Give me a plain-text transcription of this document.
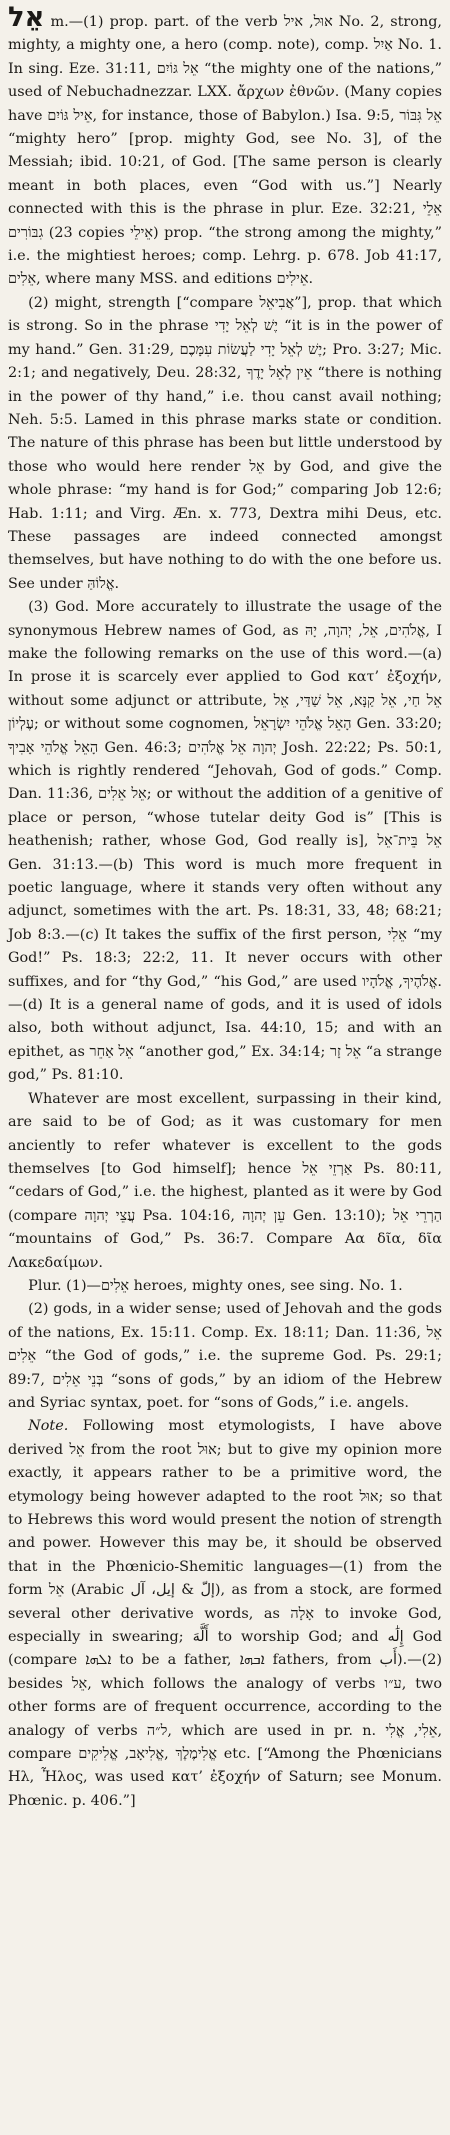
אֵל m.—(1) prop. part. of the verb אוּל, איל No. 2, strong, mighty, a mighty one, a hero (comp. note), comp. אַיִל No. 1. In sing. Eze. 31:11, אֵל גּוֹיִם “the mighty one of the nations,” used of Nebuchadnezzar. LXX. ἄρχων ἐθνῶν. (Many copies have אֵיל גּוֹיִם, for instance, those of Babylon.) Isa. 9:5, אֵל גִּבּוֹר “mighty hero” [prop. mighty God, see No. 3], of the Messiah; ibid. 10:21, of God. [The same person is clearly meant in both places, even “God with us.”] Nearly connected with this is the phrase in plur. Eze. 32:21, אֵלֵי גִבּוֹרִים (23 copies אֵילֵי) prop. “the strong among the mighty,” i.e. the mightiest heroes; comp. Lehrg. p. 678. Job 41:17, אֵלִים, where many MSS. and editions אֵילִים.

(2) might, strength [“compare אֲבִיאֵל”], prop. that which is strong. So in the phrase יֶשׁ לְאֵל יָדִי “it is in the power of my hand.” Gen. 31:29, יֶשׁ לְאֵל יָדִי לַעֲשׂוֹת עִמָּכֶם; Pro. 3:27; Mic. 2:1; and negatively, Deu. 28:32, אֵין לְאֵל יָדֶךָ “there is nothing in the power of thy hand,” i.e. thou canst avail nothing; Neh. 5:5. Lamed in this phrase marks state or condition. The nature of this phrase has been but little understood by those who would here render אֵל by God, and give the whole phrase: “my hand is for God;” comparing Job 12:6; Hab. 1:11; and Virg. Æn. x. 773, Dextra mihi Deus, etc. These passages are indeed connected amongst themselves, but have nothing to do with the one before us. See under אֱלוֹהַּ.

(3) God. More accurately to illustrate the usage of the synonymous Hebrew names of God, as אֱלֹהִים, אֵל, יְהוָה, יָהּ, I make the following remarks on the use of this word.—(a) In prose it is scarcely ever applied to God κατ’ ἐξοχήν, without some adjunct or attribute, אֵל חַי, אֵל קַנָּא, אֵל שַׁדַּי, אֵל עֶלְיוֹן; or without some cognomen, הָאֵל אֱלֹהֵי יִשְׂרָאֵל Gen. 33:20; הָאֵל אֱלֹהֵי אָבִיךָ Gen. 46:3; יְהוָה אֵל אֱלֹהִים Josh. 22:22; Ps. 50:1, which is rightly rendered “Jehovah, God of gods.” Comp. Dan. 11:36, אֵל אֵלִים; or without the addition of a genitive of place or person, “whose tutelar deity God is” [This is heathenish; rather, whose God, God really is], אֵל בֵּית־אֵל Gen. 31:13.—(b) This word is much more frequent in poetic language, where it stands very often without any adjunct, sometimes with the art. Ps. 18:31, 33, 48; 68:21; Job 8:3.—(c) It takes the suffix of the first person, אֵלִי “my God!” Ps. 18:3; 22:2, 11. It never occurs with other suffixes, and for “thy God,” “his God,” are used אֱלֹהֶיךָ, אֱלֹהָיו.—(d) It is a general name of gods, and it is used of idols also, both without adjunct, Isa. 44:10, 15; and with an epithet, as אֵל אַחֵר “another god,” Ex. 34:14; אֵל זָר “a strange god,” Ps. 81:10.

Whatever are most excellent, surpassing in their kind, are said to be of God; as it was customary for men anciently to refer whatever is excellent to the gods themselves [to God himself]; hence אַרְזֵי אֵל Ps. 80:11, “cedars of God,” i.e. the highest, planted as it were by God (compare עֲצֵי יְהוָה Psa. 104:16, עֵן יְהוָה Gen. 13:10); הַרְרֵי אֵל “mountains of God,” Ps. 36:7. Compare Aα δῖα, δῖα Λακεδαίμων.

Plur. אֵלִים—(1) heroes, mighty ones, see sing. No. 1.

(2) gods, in a wider sense; used of Jehovah and the gods of the nations, Ex. 15:11. Comp. Ex. 18:11; Dan. 11:36, אֵל אֵלִים “the God of gods,” i.e. the supreme God. Ps. 29:1; 89:7, בְּנֵי אֵלִים “sons of gods,” by an idiom of the Hebrew and Syriac syntax, poet. for “sons of Gods,” i.e. angels.

Note. Following most etymologists, I have above derived אֵל from the root אוּל; but to give my opinion more exactly, it appears rather to be a primitive word, the etymology being however adapted to the root אוּל; so that to Hebrews this word would present the notion of strength and power. However this may be, it should be observed that in the Phœnicio-Shemitic languages—(1) from the form אֵל (Arabic إلّ & إيل، آل), as from a stock, are formed several other derivative words, as אָלָה to invoke God, especially in swearing; أَلَّهَ to worship God; and إِلَٰه God (compare ܐܠܗܐ to be a father, ܐܒܗܐ fathers, from أَب).—(2) besides אֵל, which follows the analogy of verbs ע״ו, two other forms are of frequent occurrence, according to the analogy of verbs ל״ה, which are used in pr. n. אֵלִי, אֱלִי, compare אֱלִימֶלֶךְ ,אֱלִיאָב, אֱלִיקִים etc. [“Among the Phœnicians Ηλ, Ἦλος, was used κατ’ ἐξοχήν of Saturn; see Monum. Phœnic. p. 406.”]
